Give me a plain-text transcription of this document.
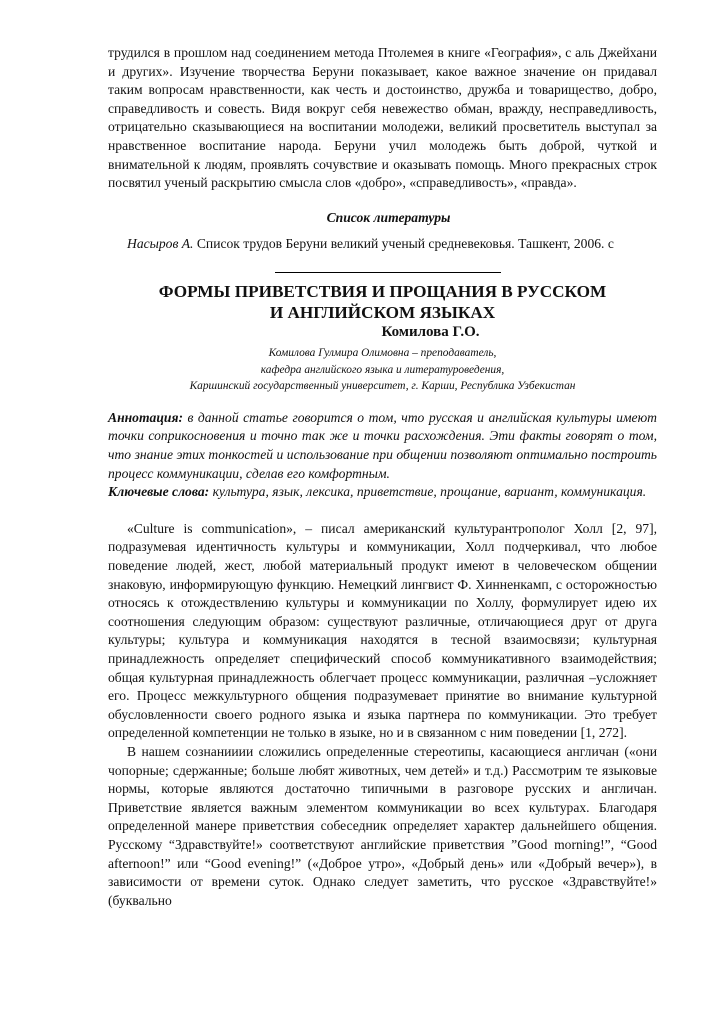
трудился в прошлом над соединением метода Птолемея в книге «География», с аль Джейхани и других». Изучение творчества Беруни показывает, какое важное значение он придавал таким вопросам нравственности, как честь и достоинство, дружба и товарищество, добро, справедливость и совесть. Видя вокруг себя невежество обман, вражду, несправедливость, отрицательно сказывающиеся на воспитании молодежи, великий просветитель выступал за нравственное воспитание народа. Беруни учил молодежь быть доброй, чуткой и внимательной к людям, проявлять сочувствие и оказывать помощь. Много прекрасных строк посвятил ученый раскрытию смысла слов «добро», «справедливость», «правда».

Список литературы

Насыров А. Список трудов Беруни великий ученый средневековья. Ташкент, 2006. с

ФОРМЫ ПРИВЕТСТВИЯ И ПРОЩАНИЯ В РУССКОМ
И АНГЛИЙСКОМ ЯЗЫКАХ
Комилова Г.О.
Комилова Гулмира Олимовна – преподаватель,
кафедра английского языка и литературоведения,
Каршинский государственный университет, г. Карши, Республика Узбекистан

Аннотация: в данной статье говорится о том, что русская и английская культуры имеют точки соприкосновения и точно так же и точки расхождения. Эти факты говорят о том, что знание этих тонкостей и использование при общении позволяют оптимально построить процесс коммуникации, сделав его комфортным.

Ключевые слова: культура, язык, лексика, приветствие, прощание, вариант, коммуникация.

«Culture is communication», – писал американский культурантрополог Холл [2, 97], подразумевая идентичность культуры и коммуникации, Холл подчеркивал, что любое поведение людей, жест, любой материальный продукт имеют в человеческом общении знаковую, информирующую функцию. Немецкий лингвист Ф. Хинненкамп, с осторожностью относясь к отождествлению культуры и коммуникации по Холлу, формулирует идею их соотношения следующим образом: существуют различные, отличающиеся друг от друга культуры; культура и коммуникация находятся в тесной взаимосвязи; культурная принадлежность определяет специфический способ коммуникативного взаимодействия; общая культурная принадлежность облегчает процесс коммуникации, различная –усложняет его. Процесс межкультурного общения подразумевает принятие во внимание культурной обусловленности своего родного языка и языка партнера по коммуникации. Это требует определенной компетенции не только в языке, но и в связанном с ним поведении [1, 272].

В нашем сознанииии сложились определенные стереотипы, касающиеся англичан («они чопорные; сдержанные; больше любят животных, чем детей» и т.д.) Рассмотрим те языковые нормы, которые являются достаточно типичными в разговоре русских и англичан. Приветствие является важным элементом коммуникации во всех культурах. Благодаря определенной манере приветствия собеседник определяет характер дальнейшего общения. Русскому “Здравствуйте!» соответствуют английские приветствия ”Good morning!”, “Good afternoon!” или “Good evening!” («Доброе утро», «Добрый день» или «Добрый вечер»), в зависимости от времени суток. Однако следует заметить, что русское «Здравствуйте!» (буквально
